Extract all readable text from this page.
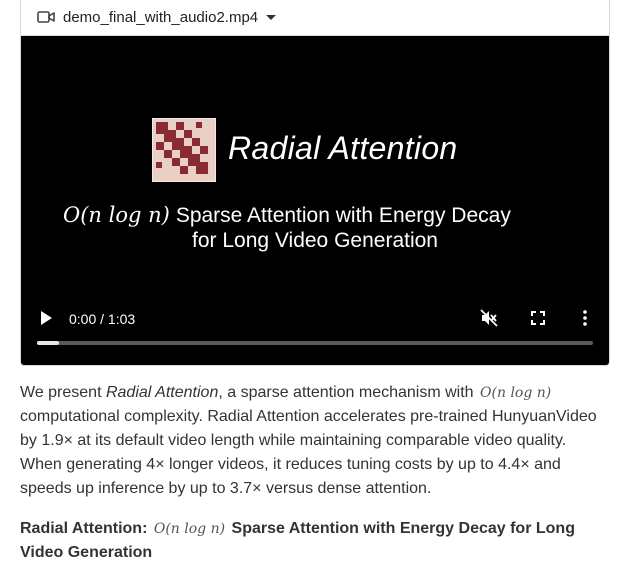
demo_final_with_audio2.mp4
Radial Attention
𝑂(𝑛 log 𝑛) Sparse Attention with Energy Decay
for Long Video Generation
0:00 / 1:03
We present Radial Attention, a sparse attention mechanism with O(n log n) computational complexity. Radial Attention accelerates pre-trained HunyuanVideo by 1.9× at its default video length while maintaining comparable video quality. When generating 4× longer videos, it reduces tuning costs by up to 4.4× and speeds up inference by up to 3.7× versus dense attention.
Radial Attention: O(n log n) Sparse Attention with Energy Decay for Long Video Generation
